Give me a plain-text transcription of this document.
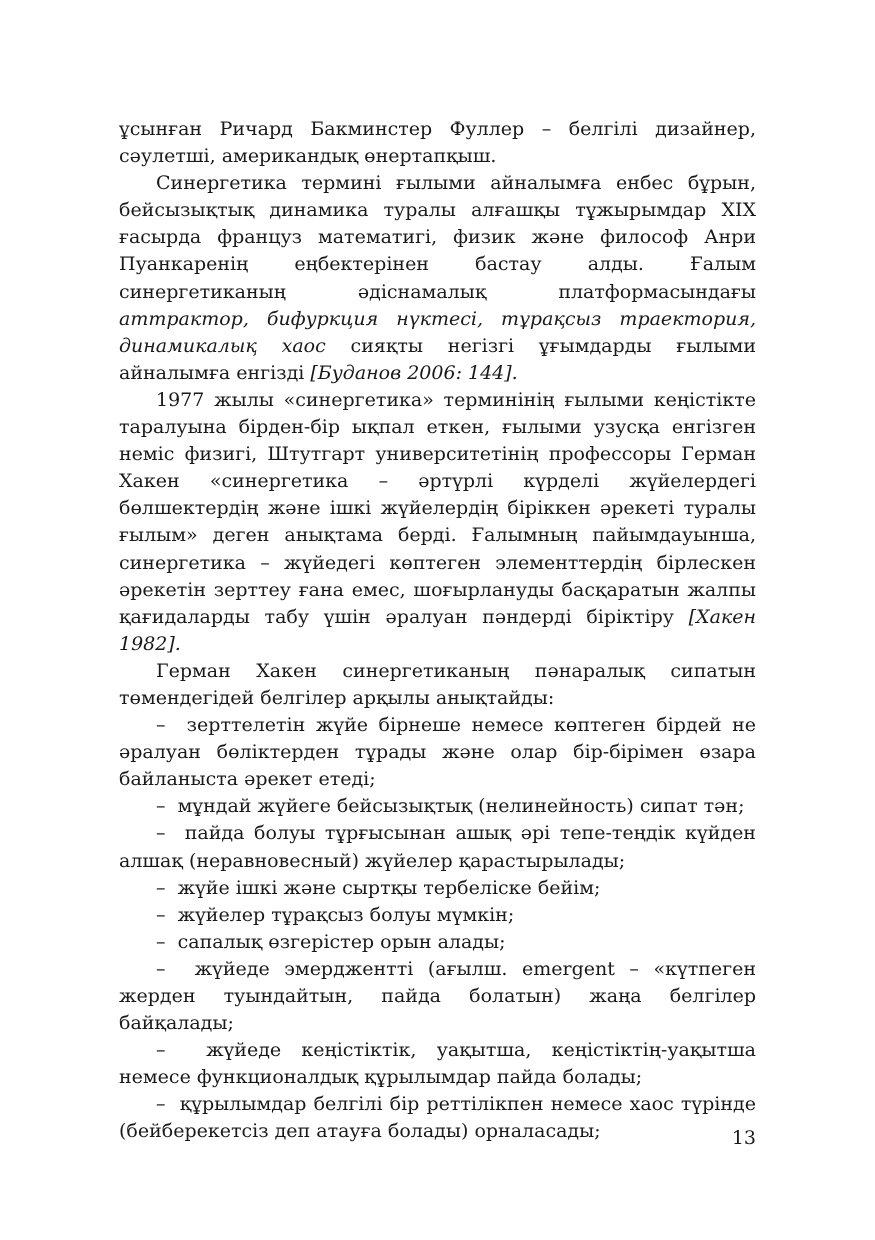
ұсынған Ричард Бакминстер Фуллер – белгілі дизайнер, сәулетші, американдық өнертапқыш.

Синергетика термині ғылыми айналымға енбес бұрын, бейсызықтық динамика туралы алғашқы тұжырымдар XIX ғасырда француз математигі, физик және философ Анри Пуанкаренің еңбектерінен бастау алды. Ғалым синергетиканың әдіснамалық платформасындағы аттрактор, бифуркция нүктесі, тұрақсыз траектория, динамикалық хаос сияқты негізгі ұғымдарды ғылыми айналымға енгізді [Буданов 2006: 144].

1977 жылы «синергетика» терминінің ғылыми кеңістікте таралуына бірден-бір ықпал еткен, ғылыми узусқа енгізген неміс физигі, Штутгарт университетінің профессоры Герман Хакен «синергетика – әртүрлі күрделі жүйелердегі бөлшектердің және ішкі жүйелердің біріккен әрекеті туралы ғылым» деген анықтама берді. Ғалымның пайымдауынша, синергетика – жүйедегі көптеген элементтердің бірлескен әрекетін зерттеу ғана емес, шоғырлануды басқаратын жалпы қағидаларды табу үшін әралуан пәндерді біріктіру [Хакен 1982].

Герман Хакен синергетиканың пәнаралық сипатын төмендегідей белгілер арқылы анықтайды:

– зерттелетін жүйе бірнеше немесе көптеген бірдей не әралуан бөліктерден тұрады және олар бір-бірімен өзара байланыста әрекет етеді;

– мұндай жүйеге бейсызықтық (нелинейность) сипат тән;

– пайда болуы тұрғысынан ашық әрі тепе-теңдік күйден алшақ (неравновесный) жүйелер қарастырылады;

– жүйе ішкі және сыртқы тербеліске бейім;

– жүйелер тұрақсыз болуы мүмкін;

– сапалық өзгерістер орын алады;

– жүйеде эмерджентті (ағылш. emergent – «күтпеген жерден туындайтын, пайда болатын) жаңа белгілер байқалады;

– жүйеде кеңістіктік, уақытша, кеңістіктің-уақытша немесе функционалдық құрылымдар пайда болады;

– құрылымдар белгілі бір реттілікпен немесе хаос түрінде (бейберекетсіз деп атауға болады) орналасады;	13
